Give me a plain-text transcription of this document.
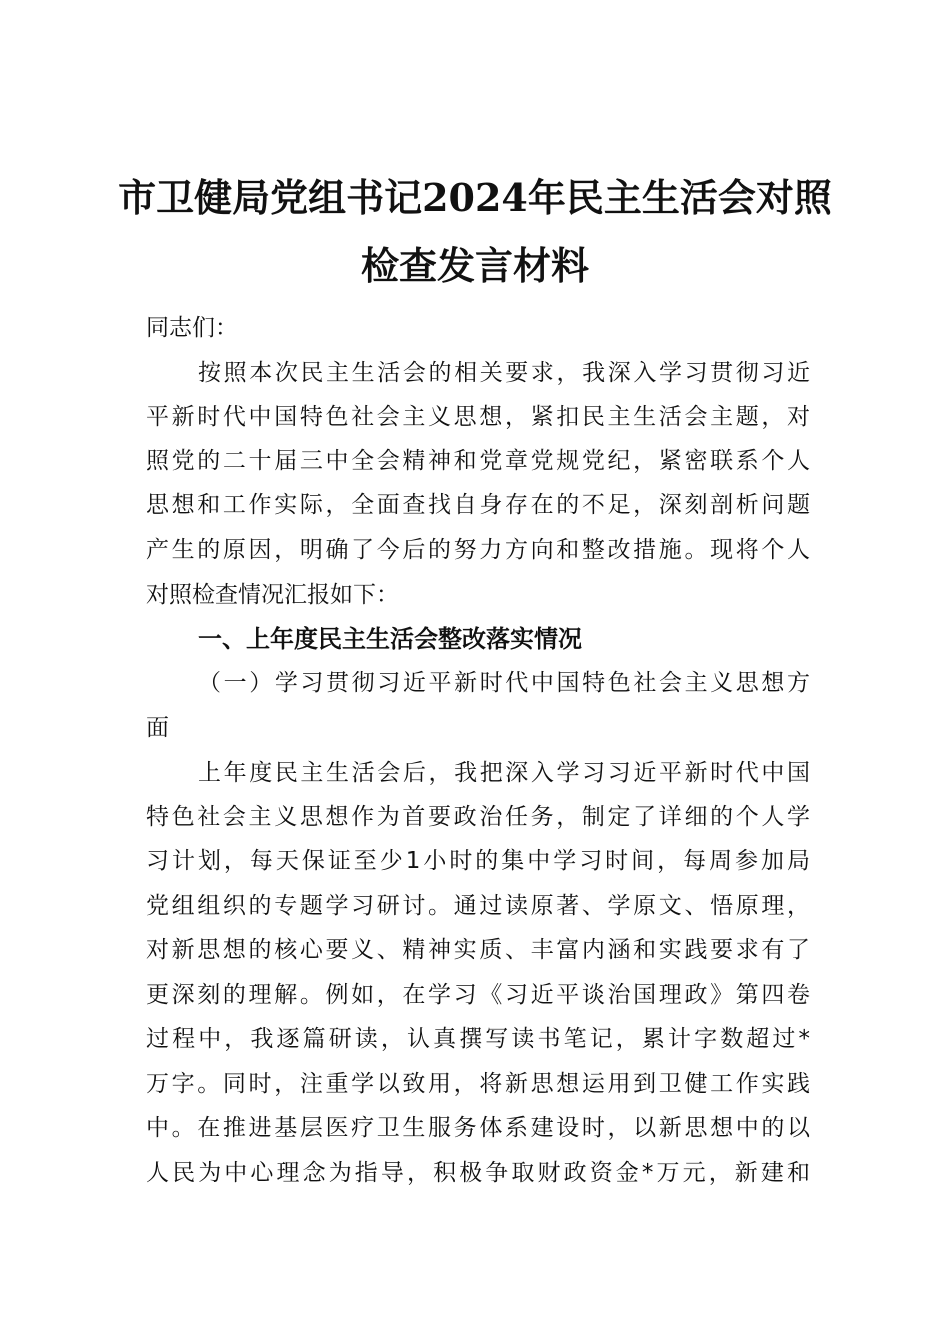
市卫健局党组书记2024年民主生活会对照
检查发言材料
同志们：
按照本次民主生活会的相关要求，我深入学习贯彻习近
平新时代中国特色社会主义思想，紧扣民主生活会主题，对
照党的二十届三中全会精神和党章党规党纪，紧密联系个人
思想和工作实际，全面查找自身存在的不足，深刻剖析问题
产生的原因，明确了今后的努力方向和整改措施。现将个人
对照检查情况汇报如下：
一、上年度民主生活会整改落实情况
（一）学习贯彻习近平新时代中国特色社会主义思想方
面
上年度民主生活会后，我把深入学习习近平新时代中国
特色社会主义思想作为首要政治任务，制定了详细的个人学
习计划，每天保证至少1小时的集中学习时间，每周参加局
党组组织的专题学习研讨。通过读原著、学原文、悟原理，
对新思想的核心要义、精神实质、丰富内涵和实践要求有了
更深刻的理解。例如，在学习《习近平谈治国理政》第四卷
过程中，我逐篇研读，认真撰写读书笔记，累计字数超过*
万字。同时，注重学以致用，将新思想运用到卫健工作实践
中。在推进基层医疗卫生服务体系建设时，以新思想中的以
人民为中心理念为指导，积极争取财政资金*万元，新建和
